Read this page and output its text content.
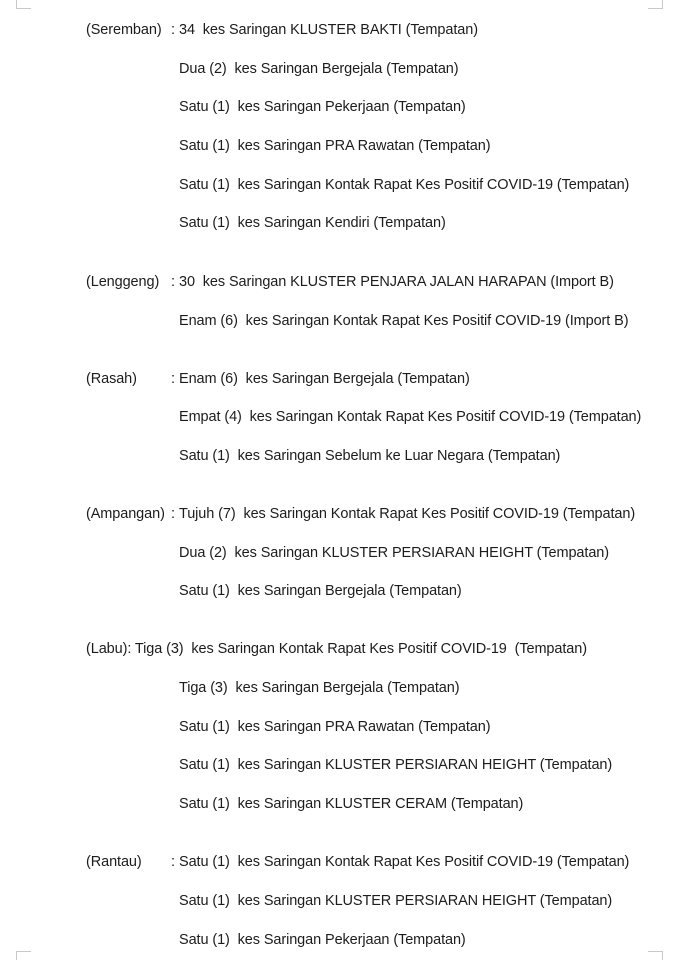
(Seremban) : 34  kes Saringan KLUSTER BAKTI (Tempatan)
Dua (2)  kes Saringan Bergejala (Tempatan)
Satu (1)  kes Saringan Pekerjaan (Tempatan)
Satu (1)  kes Saringan PRA Rawatan (Tempatan)
Satu (1)  kes Saringan Kontak Rapat Kes Positif COVID-19 (Tempatan)
Satu (1)  kes Saringan Kendiri (Tempatan)
(Lenggeng) : 30  kes Saringan KLUSTER PENJARA JALAN HARAPAN (Import B)
Enam (6)  kes Saringan Kontak Rapat Kes Positif COVID-19 (Import B)
(Rasah) : Enam (6)  kes Saringan Bergejala (Tempatan)
Empat (4)  kes Saringan Kontak Rapat Kes Positif COVID-19 (Tempatan)
Satu (1)  kes Saringan Sebelum ke Luar Negara (Tempatan)
(Ampangan) : Tujuh (7)  kes Saringan Kontak Rapat Kes Positif COVID-19 (Tempatan)
Dua (2)  kes Saringan KLUSTER PERSIARAN HEIGHT (Tempatan)
Satu (1)  kes Saringan Bergejala (Tempatan)
(Labu): Tiga (3)  kes Saringan Kontak Rapat Kes Positif COVID-19  (Tempatan)
Tiga (3)  kes Saringan Bergejala (Tempatan)
Satu (1)  kes Saringan PRA Rawatan (Tempatan)
Satu (1)  kes Saringan KLUSTER PERSIARAN HEIGHT (Tempatan)
Satu (1)  kes Saringan KLUSTER CERAM (Tempatan)
(Rantau) : Satu (1)  kes Saringan Kontak Rapat Kes Positif COVID-19 (Tempatan)
Satu (1)  kes Saringan KLUSTER PERSIARAN HEIGHT (Tempatan)
Satu (1)  kes Saringan Pekerjaan (Tempatan)
